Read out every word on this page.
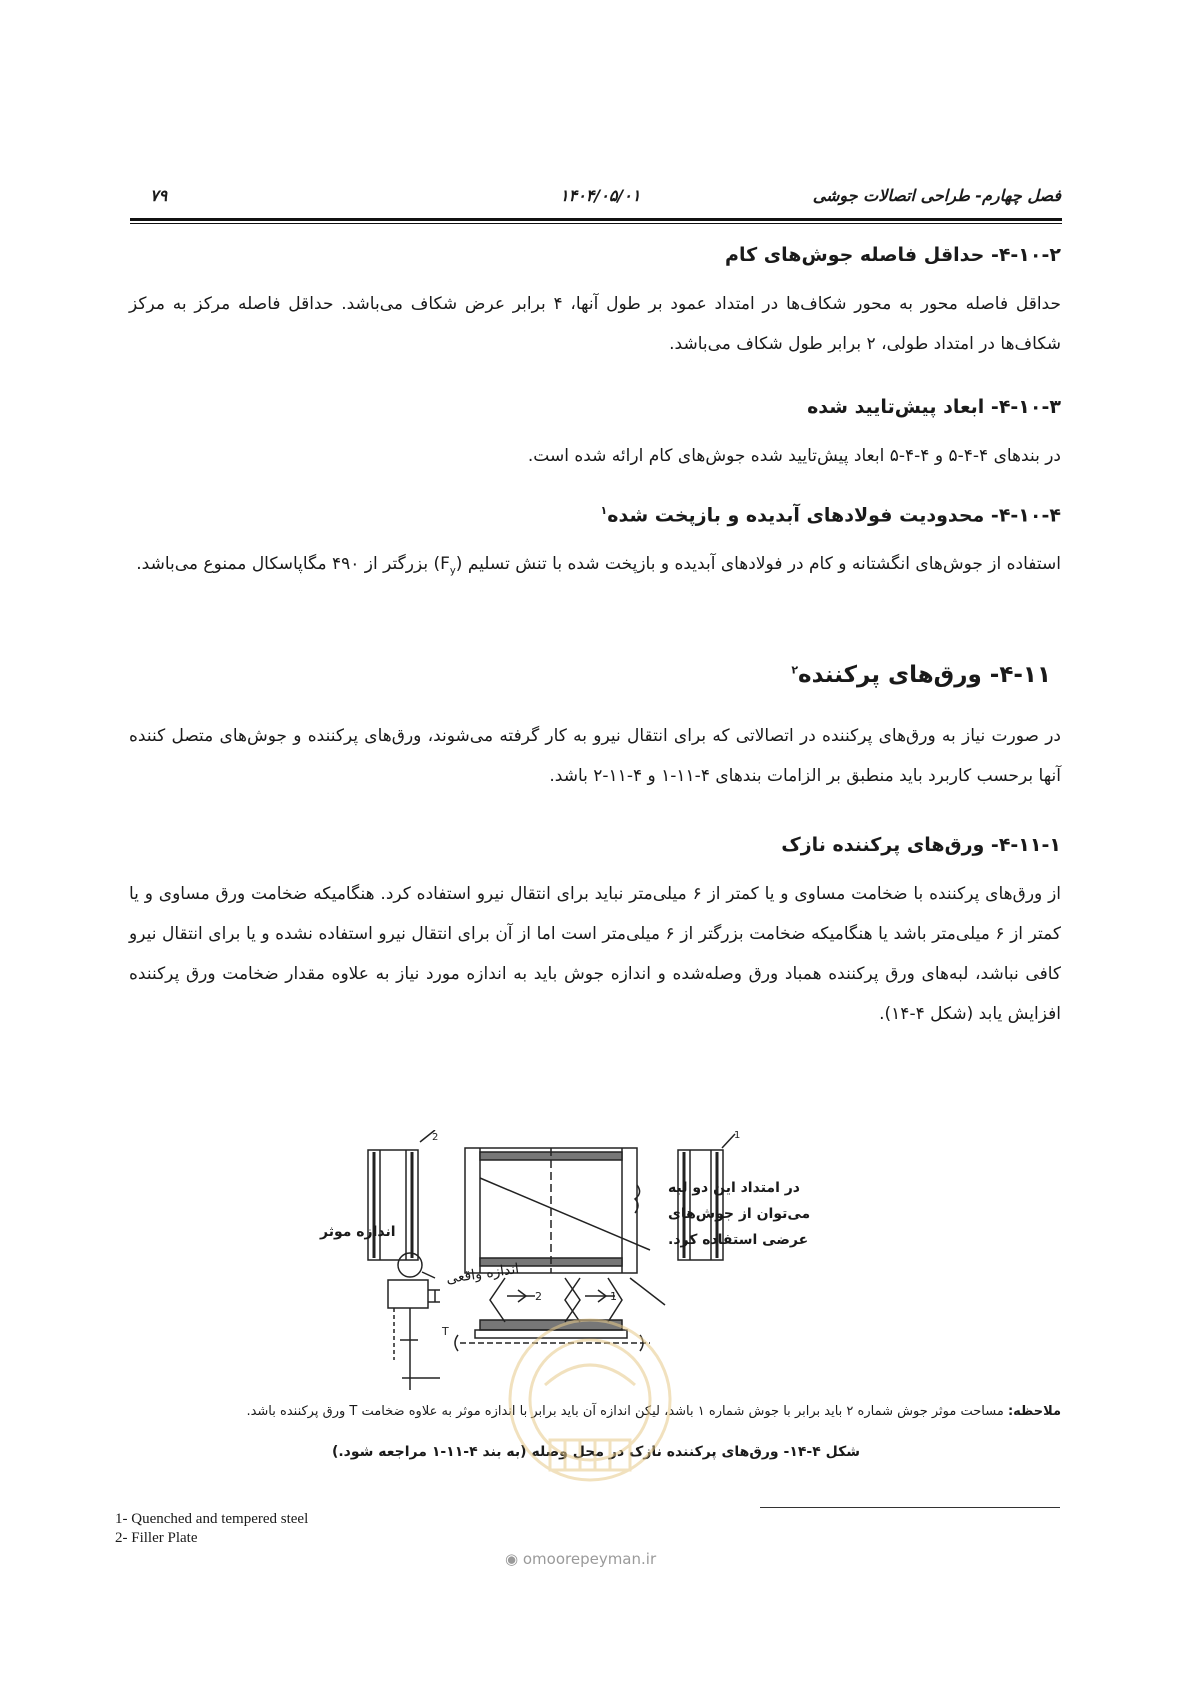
فصل چهارم- طراحی اتصالات جوشی
۱۴۰۴/۰۵/۰۱
۷۹
۴-۱۰-۲- حداقل فاصله جوش‌های کام
حداقل فاصله محور به محور شکاف‌ها در امتداد عمود بر طول آنها، ۴ برابر عرض شکاف می‌باشد. حداقل فاصله مرکز به مرکز شکاف‌ها در امتداد طولی، ۲ برابر طول شکاف می‌باشد.
۴-۱۰-۳- ابعاد پیش‌تایید شده
در بندهای ۴-۴-۵ و ۴-۴-۵ ابعاد پیش‌تایید شده جوش‌های کام ارائه شده است.
۴-۱۰-۴- محدودیت فولادهای آبدیده و بازپخت شده$^۱$
استفاده از جوش‌های انگشتانه و کام در فولادهای آبدیده و بازپخت شده با تنش تسلیم $(F_y)$ بزرگتر از ۴۹۰ مگاپاسکال ممنوع می‌باشد.
۴-۱۱- ورق‌های پرکننده$^۲$
در صورت نیاز به ورق‌های پرکننده در اتصالاتی که برای انتقال نیرو به کار گرفته می‌شوند، ورق‌های پرکننده و جوش‌های متصل کننده آنها برحسب کاربرد باید منطبق بر الزامات بندهای ۴-۱۱-۱ و ۴-۱۱-۲ باشد.
۴-۱۱-۱- ورق‌های پرکننده نازک
از ورق‌های پرکننده با ضخامت مساوی و یا کمتر از ۶ میلی‌متر نباید برای انتقال نیرو استفاده کرد. هنگامیکه ضخامت ورق مساوی و یا کمتر از ۶ میلی‌متر باشد یا هنگامیکه ضخامت بزرگتر از ۶ میلی‌متر است اما از آن برای انتقال نیرو استفاده نشده و یا برای انتقال نیرو کافی نباشد، لبه‌های ورق پرکننده همباد ورق وصله‌شده و اندازه جوش باید به اندازه مورد نیاز به علاوه مقدار ضخامت ورق پرکننده افزایش یابد (شکل ۴-۱۴).
2	1
2	1
T
اندازه موثر
اندازه واقعی
در امتداد این دو لبه
می‌توان از جوش‌های
عرضی استفاده کرد.
ملاحظه: مساحت موثر جوش شماره ۲ باید برابر با جوش شماره ۱ باشد، لیکن اندازه آن باید برابر با اندازه موثر به علاوه ضخامت T ورق پرکننده باشد.
شکل ۴-۱۴- ورق‌های پرکننده نازک در محل وصله (به بند ۴-۱۱-۱ مراجعه شود.)
◉ omoorepeyman.ir
1- Quenched and tempered steel
2- Filler Plate
